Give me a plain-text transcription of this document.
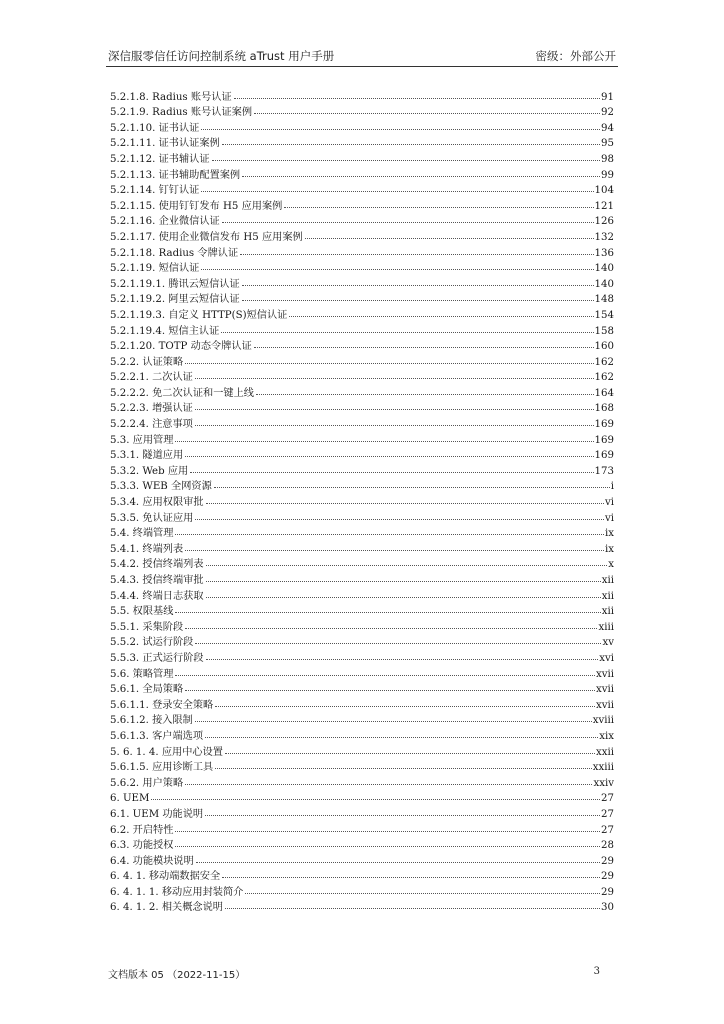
深信服零信任访问控制系统 aTrust 用户手册	密级：外部公开
5.2.1.8. Radius 账号认证	91
5.2.1.9. Radius 账号认证案例	92
5.2.1.10. 证书认证	94
5.2.1.11. 证书认证案例	95
5.2.1.12. 证书辅认证	98
5.2.1.13. 证书辅助配置案例	99
5.2.1.14. 钉钉认证	104
5.2.1.15. 使用钉钉发布 H5 应用案例	121
5.2.1.16. 企业微信认证	126
5.2.1.17. 使用企业微信发布 H5 应用案例	132
5.2.1.18. Radius 令牌认证	136
5.2.1.19. 短信认证	140
5.2.1.19.1. 腾讯云短信认证	140
5.2.1.19.2. 阿里云短信认证	148
5.2.1.19.3. 自定义 HTTP(S)短信认证	154
5.2.1.19.4. 短信主认证	158
5.2.1.20. TOTP 动态令牌认证	160
5.2.2. 认证策略	162
5.2.2.1. 二次认证	162
5.2.2.2. 免二次认证和一键上线	164
5.2.2.3. 增强认证	168
5.2.2.4. 注意事项	169
5.3. 应用管理	169
5.3.1. 隧道应用	169
5.3.2. Web 应用	173
5.3.3. WEB 全网资源	i
5.3.4. 应用权限审批	vi
5.3.5. 免认证应用	vi
5.4. 终端管理	ix
5.4.1. 终端列表	ix
5.4.2. 授信终端列表	x
5.4.3. 授信终端审批	xii
5.4.4. 终端日志获取	xii
5.5. 权限基线	xii
5.5.1. 采集阶段	xiii
5.5.2. 试运行阶段	xv
5.5.3. 正式运行阶段	xvi
5.6. 策略管理	xvii
5.6.1. 全局策略	xvii
5.6.1.1. 登录安全策略	xvii
5.6.1.2. 接入限制	xviii
5.6.1.3. 客户端选项	xix
5. 6. 1. 4. 应用中心设置	xxii
5.6.1.5. 应用诊断工具	xxiii
5.6.2. 用户策略	xxiv
6. UEM	27
6.1. UEM 功能说明	27
6.2. 开启特性	27
6.3. 功能授权	28
6.4. 功能模块说明	29
6. 4. 1. 移动端数据安全	29
6. 4. 1. 1. 移动应用封装简介	29
6. 4. 1. 2. 相关概念说明	30
文档版本 05 （2022-11-15）	3
